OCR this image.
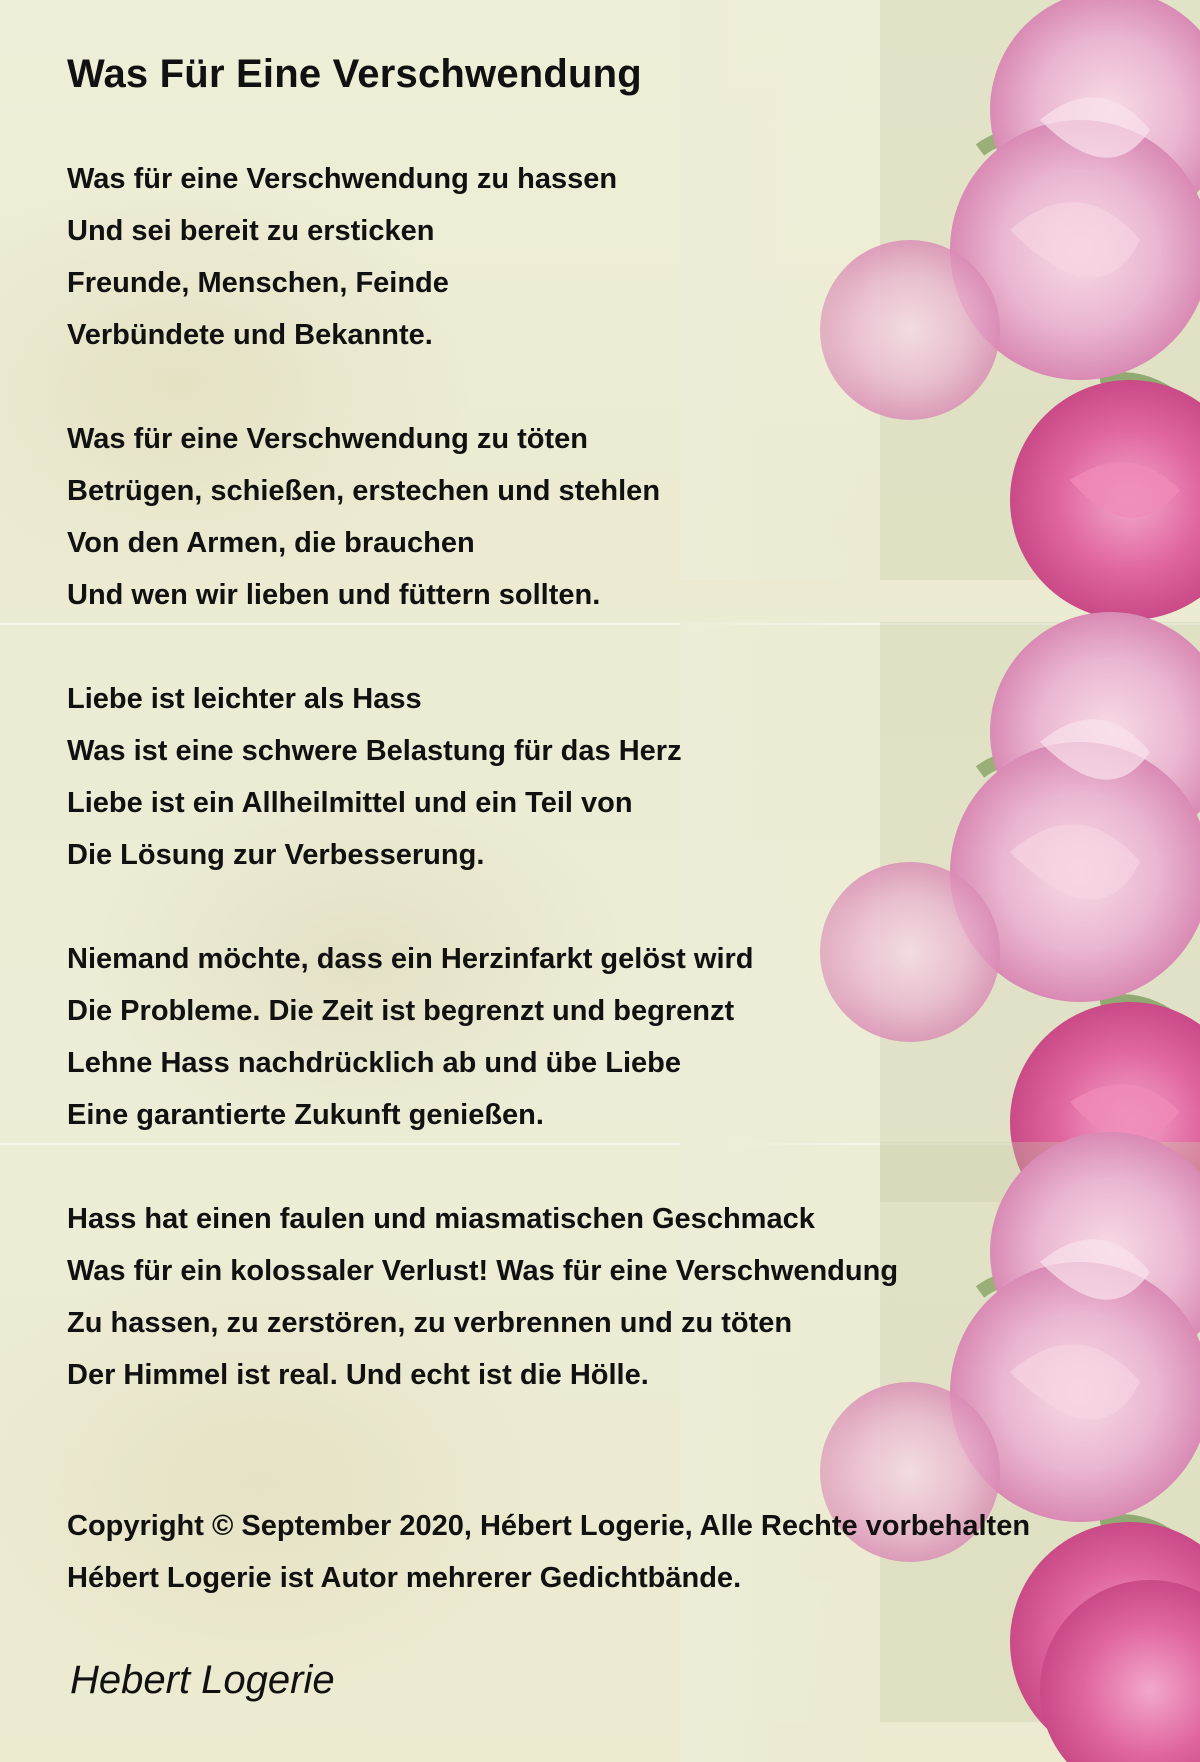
Was Für Eine Verschwendung
Was für eine Verschwendung zu hassen
Und sei bereit zu ersticken
Freunde, Menschen, Feinde
Verbündete und Bekannte.
Was für eine Verschwendung zu töten
Betrügen, schießen, erstechen und stehlen
Von den Armen, die brauchen
Und wen wir lieben und füttern sollten.
Liebe ist leichter als Hass
Was ist eine schwere Belastung für das Herz
Liebe ist ein Allheilmittel und ein Teil von
Die Lösung zur Verbesserung.
Niemand möchte, dass ein Herzinfarkt gelöst wird
Die Probleme. Die Zeit ist begrenzt und begrenzt
Lehne Hass nachdrücklich ab und übe Liebe
Eine garantierte Zukunft genießen.
Hass hat einen faulen und miasmatischen Geschmack
Was für ein kolossaler Verlust! Was für eine Verschwendung
Zu hassen, zu zerstören, zu verbrennen und zu töten
Der Himmel ist real. Und echt ist die Hölle.
Copyright © September 2020, Hébert Logerie, Alle Rechte vorbehalten
Hébert Logerie ist Autor mehrerer Gedichtbände.
Hebert Logerie
